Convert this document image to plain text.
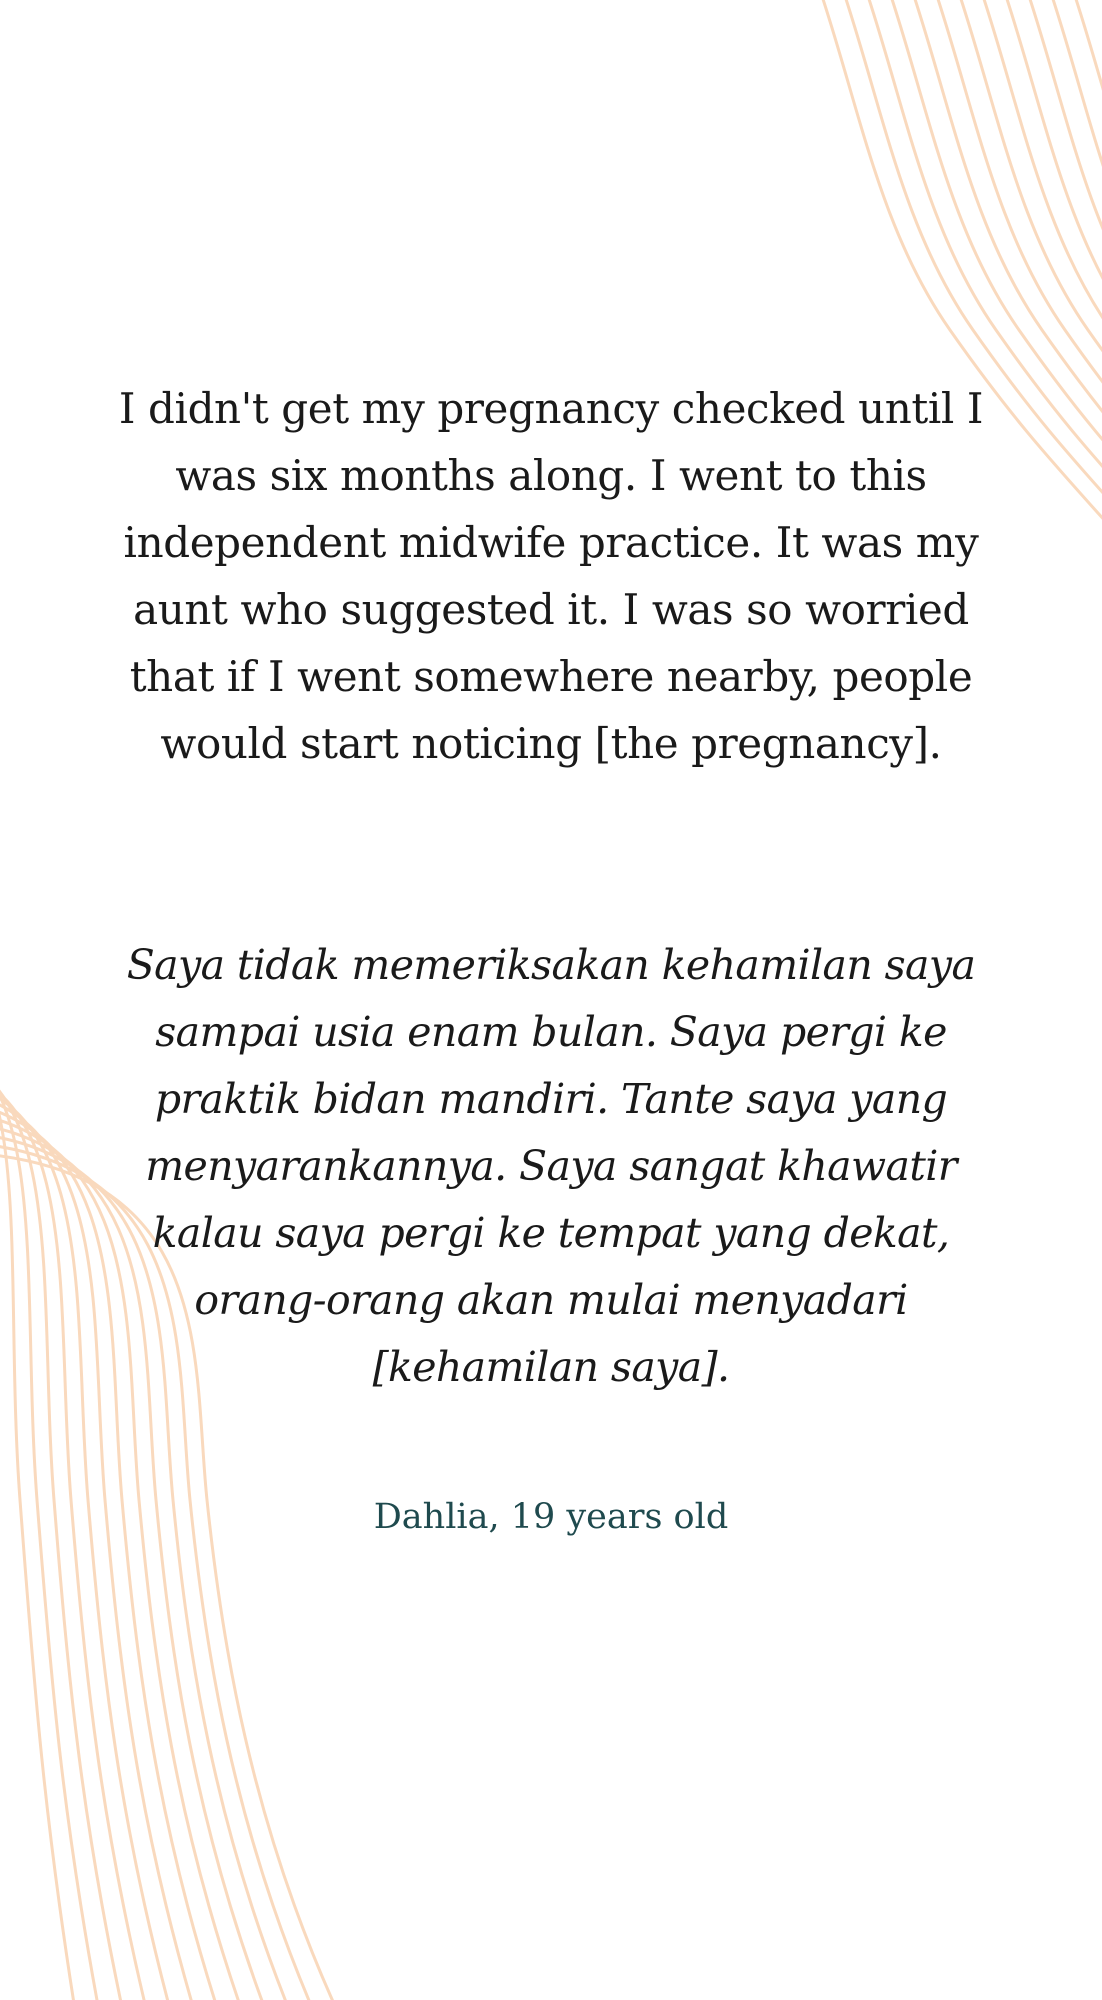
I didn't get my pregnancy checked until I was six months along. I went to this independent midwife practice. It was my aunt who suggested it. I was so worried that if I went somewhere nearby, people would start noticing [the pregnancy].

Saya tidak memeriksakan kehamilan saya sampai usia enam bulan. Saya pergi ke praktik bidan mandiri. Tante saya yang menyarankannya. Saya sangat khawatir kalau saya pergi ke tempat yang dekat, orang-orang akan mulai menyadari [kehamilan saya].

Dahlia, 19 years old
